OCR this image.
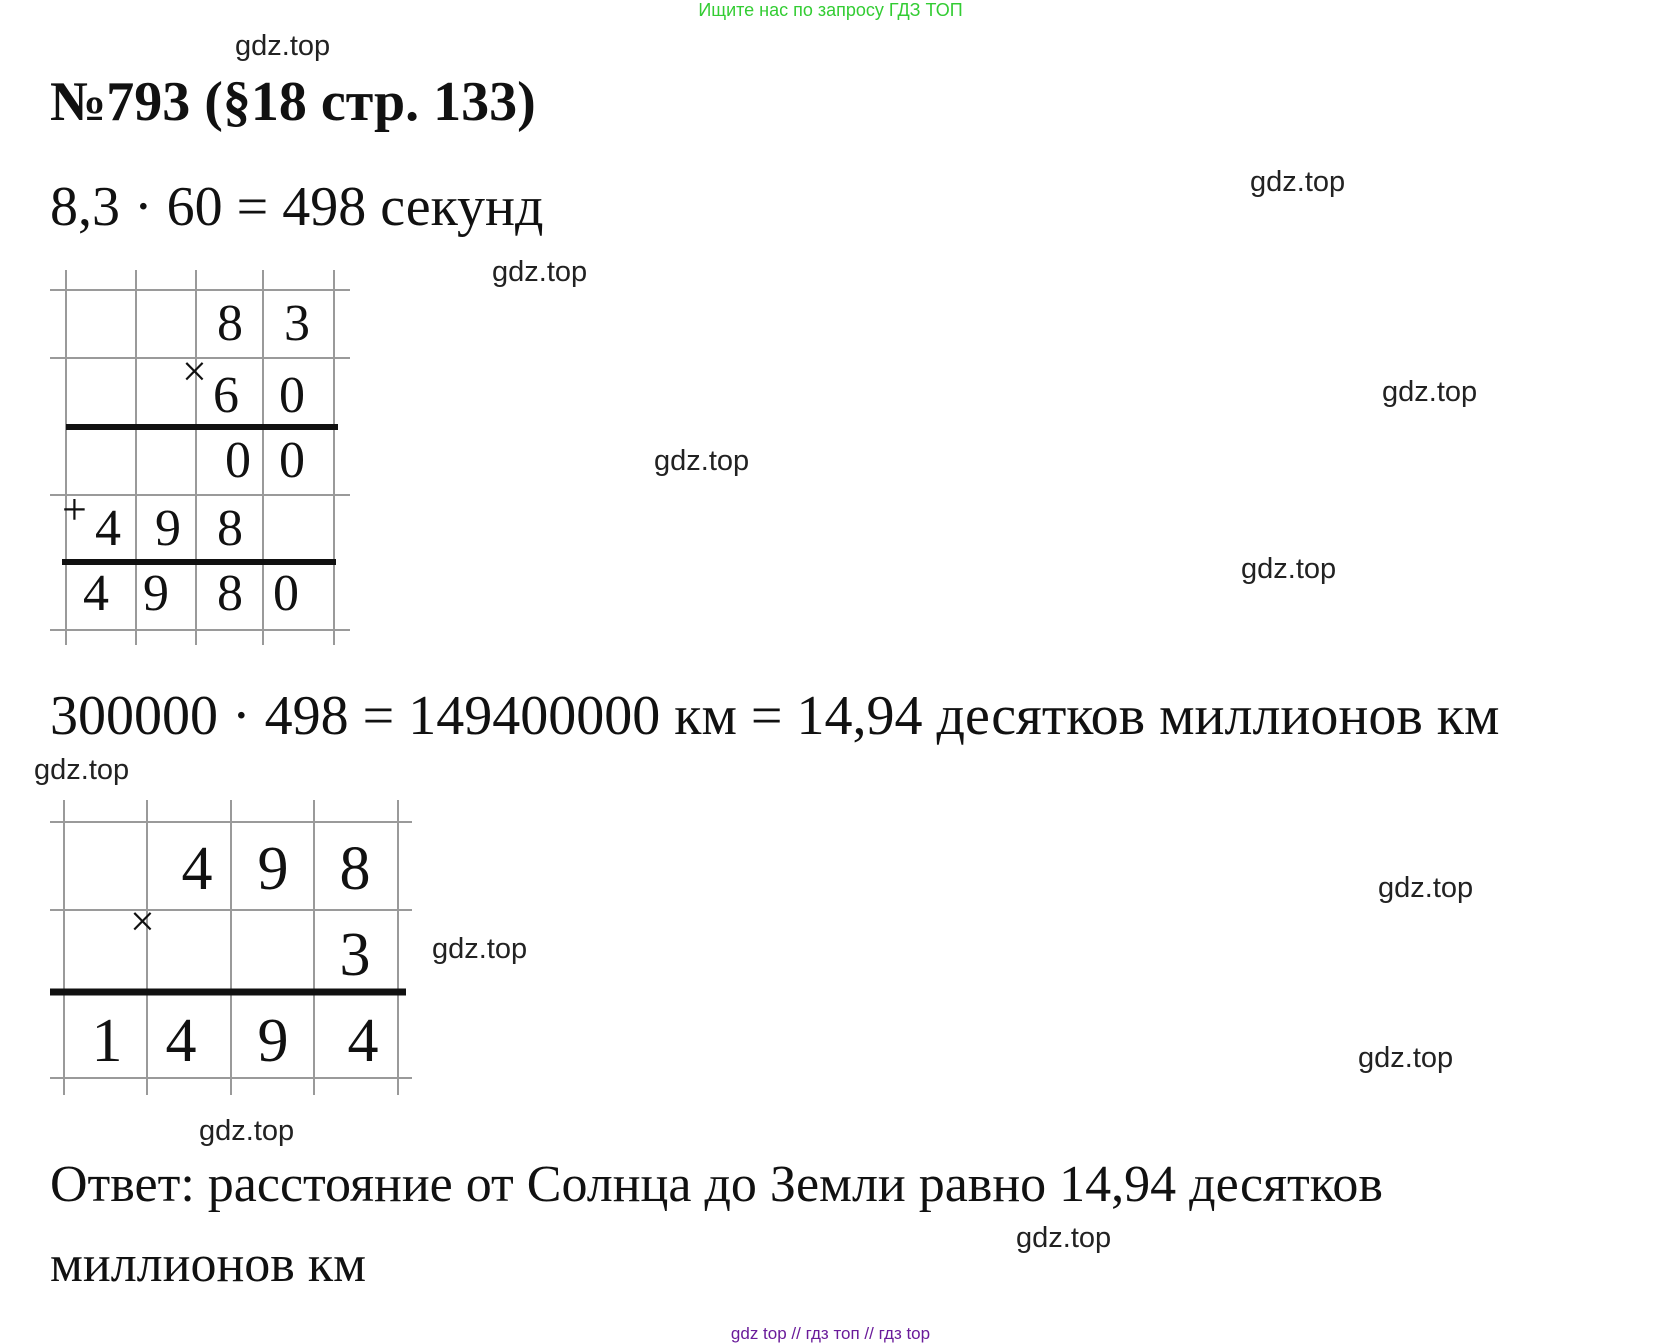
Ищите нас по запросу ГДЗ ТОП
gdz.top
gdz.top
gdz.top
gdz.top
gdz.top
gdz.top
gdz.top
gdz.top
gdz.top
gdz.top
gdz.top
gdz.top
№793 (§18 стр. 133)
8,3 · 60 = 498 секунд
×
+
8 3
6 0
0 0
4 9 8
4 9 8 0
300000 · 498 = 149400000 км = 14,94 десятков миллионов км
×
4 9 8
3
1 4 9 4
Ответ: расстояние от Солнца до Земли равно 14,94 десятков миллионов км
gdz top // гдз топ // гдз top
